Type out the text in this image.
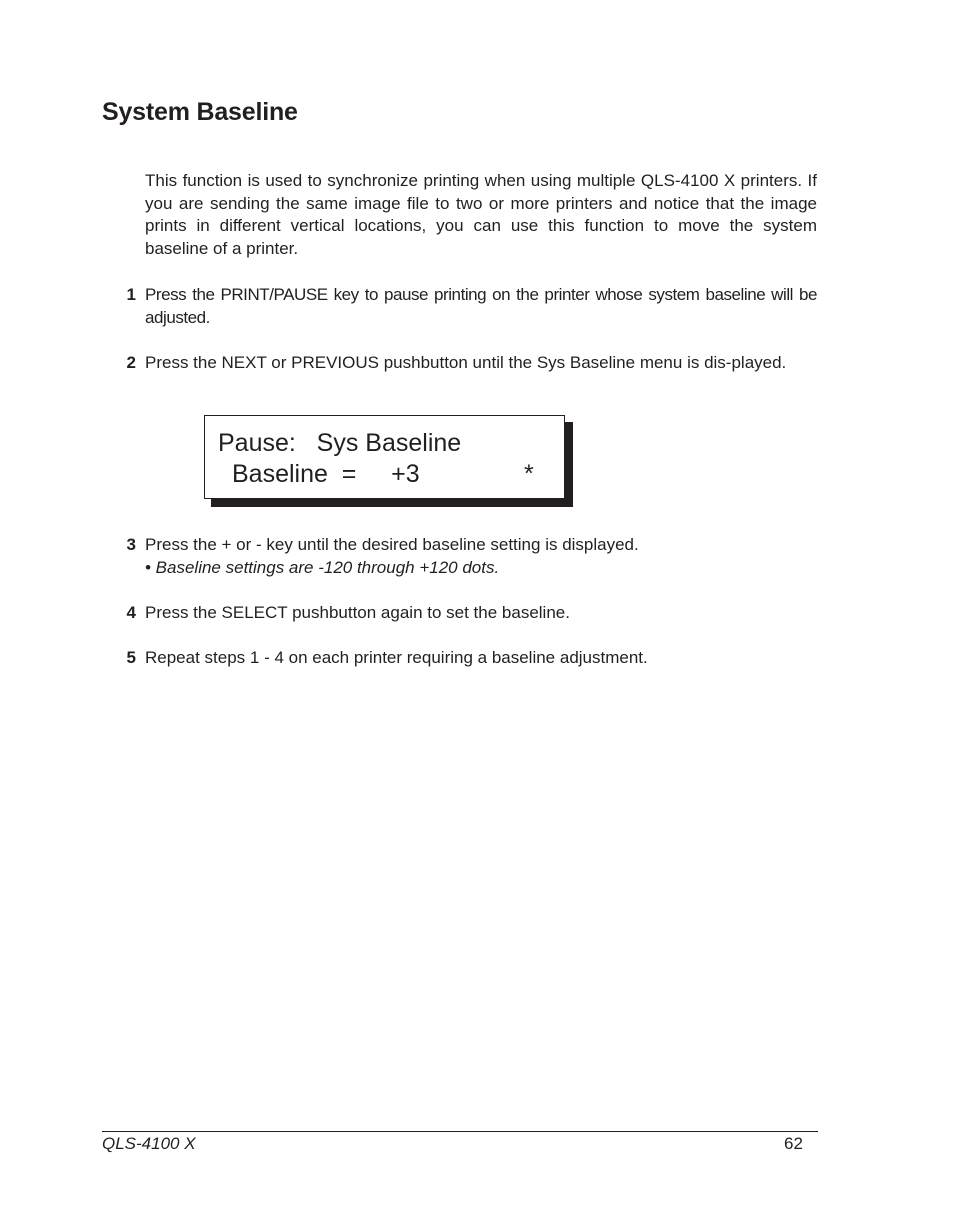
System Baseline

This function is used to synchronize printing when using multiple QLS-4100 X printers. If you are sending the same image file to two or more printers and notice that the image prints in different vertical locations, you can use this function to move the system baseline of a printer.

1 Press the PRINT/PAUSE key to pause printing on the printer whose system baseline will be adjusted.
2 Press the NEXT or PREVIOUS pushbutton until the Sys Baseline menu is dis-played.
Pause:   Sys Baseline
Baseline  =     +3	*
3 Press the + or - key until the desired baseline setting is displayed.
• Baseline settings are -120 through +120 dots.
4 Press the SELECT pushbutton again to set the baseline.
5 Repeat steps 1 - 4 on each printer requiring a baseline adjustment.
QLS-4100 X	62
